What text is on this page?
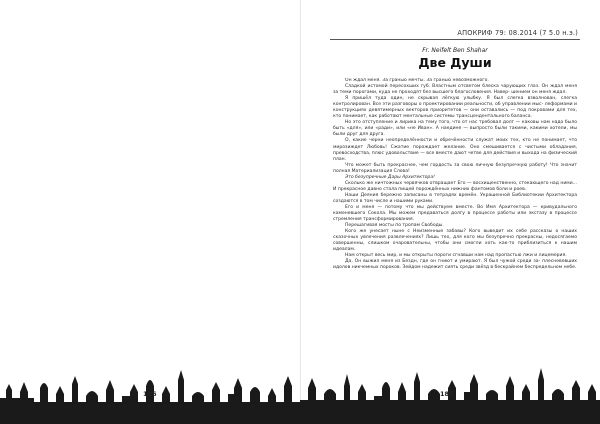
АПОКРИФ 79: 08.2014 (7 5.0 н.э.)
Fr. Neifelt Ben Shahar
Две Души

Он ждал меня. За гранью мечты. За гранью невозможного.

Сладкой истомой пересохших губ. Властным отсветом блеска чарующих глаз. Он ждал меня за теми порогами, куда не проходят без высшего благословения. Навер- шением он меня ждал.

Я пришёл туда один, не скрывая лёгкую улыбку. Я был слегка взволнован, слегка контролирован. Все эти разговоры о проектировании реальности, об управлении мыс- леформами и конструкциях девятимерных векторов приоритетов — они оставались — под покровами для тех, кто понимает, как работают ментальные системы трансцендентального баланса.

Но это отступление и лирика на тему того, что от нас требовал долг — каковы нам надо было быть «для», или «ради», или «не Иван». А наедине — выпросто были такими, какими хотели, мы были друг для друга.

О, какие черни неопределённости и обречённости служат моих тех, кто не понимает, что мирозиждет Любовь! Сжатие порождает желание. Оно смешивается с чистыми обладания, превосходства, плюс удовольствие — все вместе дают четве для действия и выхода на физический план.

Что может быть прекраснее, чем гордость за свою личную безупречную работу! Что значит полная Материализация Слова!

Это безупречные Дары Архитектора!

Сколько же ничтожных червячков отвращает Его — восхищенственно, стекающего над ними... И прекрасное давно стала пищей порождённых нижних фантомов боли и роев.

Наши Деяния бережно записаны в тетрадях времён. Украшенной Библиотекии Архитектора создаются в том числе и нашими руками.

Его и меня — потому что мы действуем вместе. Во Имя Архитектора — кривудального каменевшего Сокола. Мы можем предаваться долгу в процессе работы или экстазу в процессе стремления трансформирования.

Перешагивая мосты по тропам Свободы.

Кого же унесает ныне с Неизменные забавы? Кого выведит их себе рассказы о наших сказочных увлечения развлечениях? Лишь тех, для кого мы безупречно прекрасны, недосягаемо совершенны, слишком очаровательны, чтобы они смогли хоть как-то приблизиться к нашим идеалам.

Нам открыт весь мир, и мы открыты пороги сгнавши нам над пропастью лжи и лицемерия.

Да, Он выжил меня из Бездн, где он гниют и умирают. Я был чужой среди за- плесневевших идолов никчемных пороков. Зейдом надежит сиять среди звёзд в бескрайнем беспредельном небе.

186	187
